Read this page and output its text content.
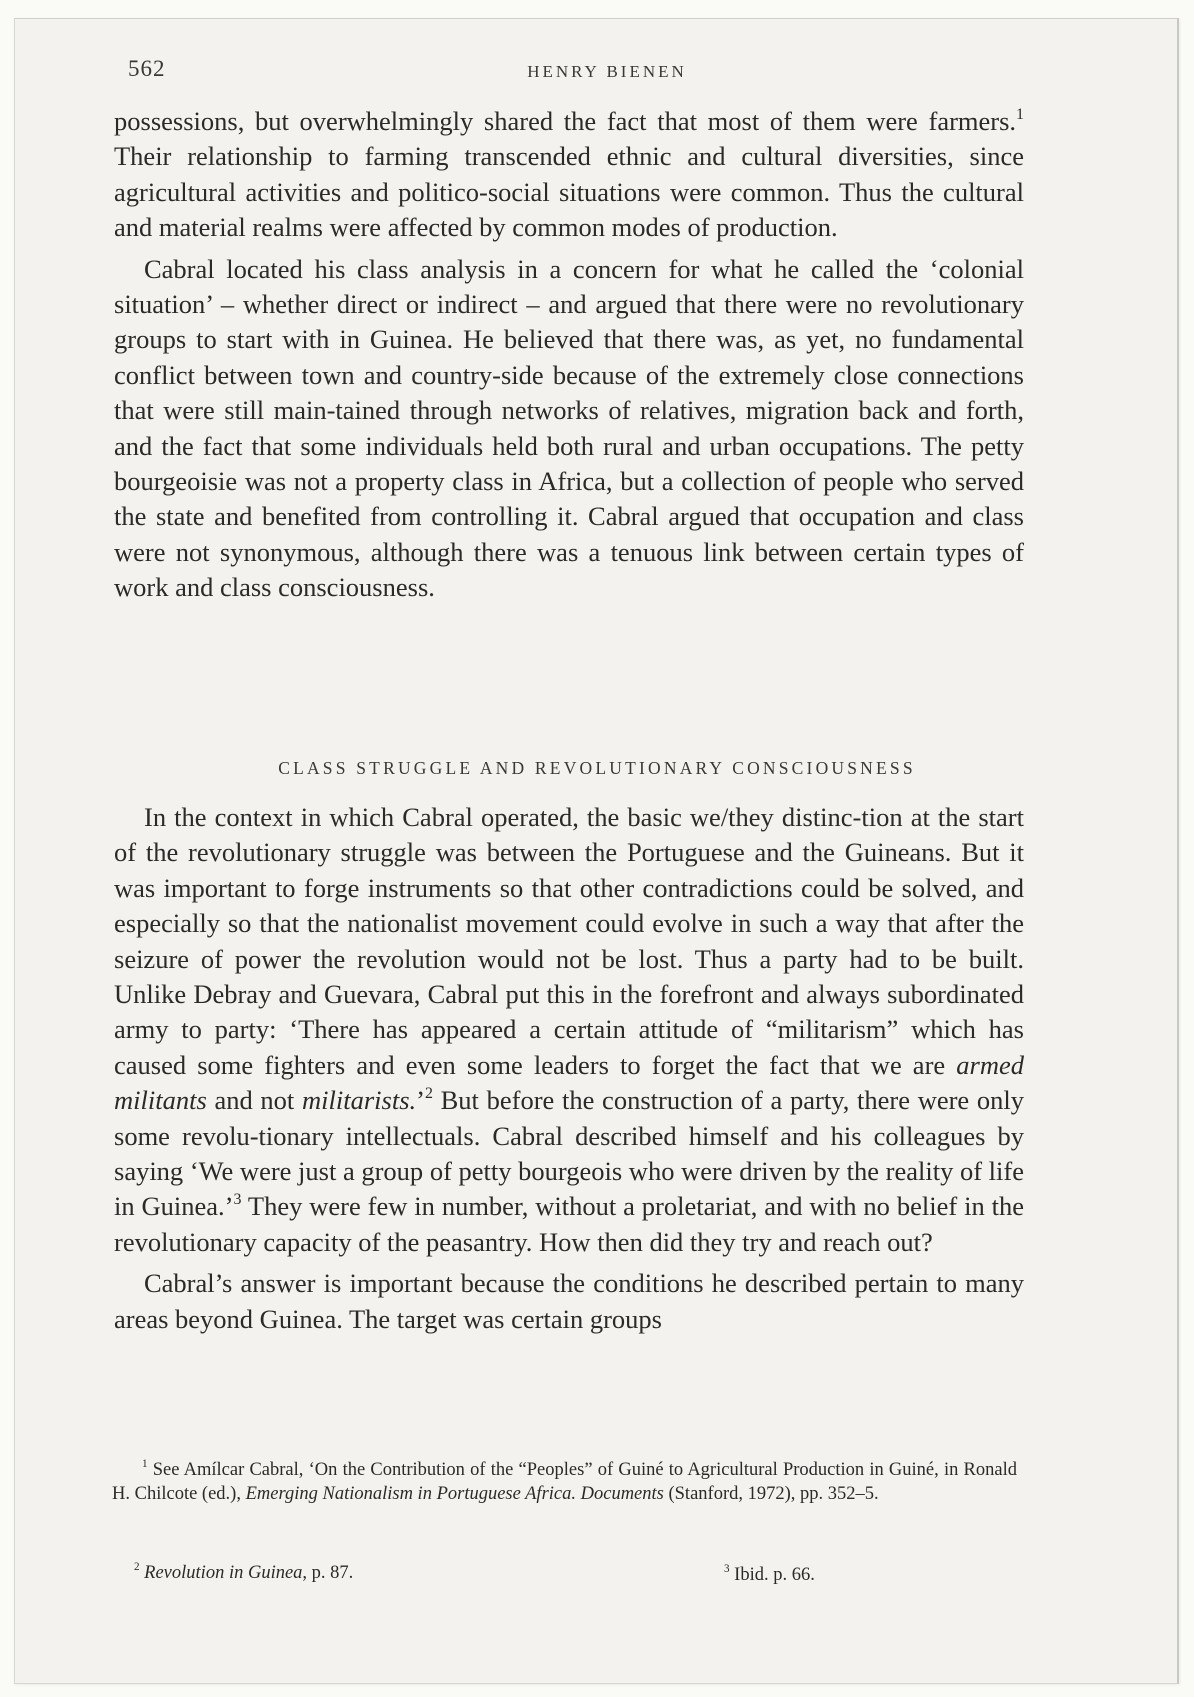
562	HENRY BIENEN

possessions, but overwhelmingly shared the fact that most of them were farmers.$^1$ Their relationship to farming transcended ethnic and cultural diversities, since agricultural activities and politico-social situations were common. Thus the cultural and material realms were affected by common modes of production.

Cabral located his class analysis in a concern for what he called the ‘colonial situation’ – whether direct or indirect – and argued that there were no revolutionary groups to start with in Guinea. He believed that there was, as yet, no fundamental conflict between town and country-side because of the extremely close connections that were still main-tained through networks of relatives, migration back and forth, and the fact that some individuals held both rural and urban occupations. The petty bourgeoisie was not a property class in Africa, but a collection of people who served the state and benefited from controlling it. Cabral argued that occupation and class were not synonymous, although there was a tenuous link between certain types of work and class consciousness.

CLASS STRUGGLE AND REVOLUTIONARY CONSCIOUSNESS

In the context in which Cabral operated, the basic we/they distinc-tion at the start of the revolutionary struggle was between the Portuguese and the Guineans. But it was important to forge instruments so that other contradictions could be solved, and especially so that the nationalist movement could evolve in such a way that after the seizure of power the revolution would not be lost. Thus a party had to be built. Unlike Debray and Guevara, Cabral put this in the forefront and always subordinated army to party: ‘There has appeared a certain attitude of “militarism” which has caused some fighters and even some leaders to forget the fact that we are armed militants and not militarists.’$^2$ But before the construction of a party, there were only some revolu-tionary intellectuals. Cabral described himself and his colleagues by saying ‘We were just a group of petty bourgeois who were driven by the reality of life in Guinea.’$^3$ They were few in number, without a proletariat, and with no belief in the revolutionary capacity of the peasantry. How then did they try and reach out?

Cabral’s answer is important because the conditions he described pertain to many areas beyond Guinea. The target was certain groups

$^1$ See Amílcar Cabral, ‘On the Contribution of the “Peoples” of Guiné to Agricultural Production in Guiné, in Ronald H. Chilcote (ed.), Emerging Nationalism in Portuguese Africa. Documents (Stanford, 1972), pp. 352–5.

$^2$ Revolution in Guinea, p. 87.	$^3$ Ibid. p. 66.
